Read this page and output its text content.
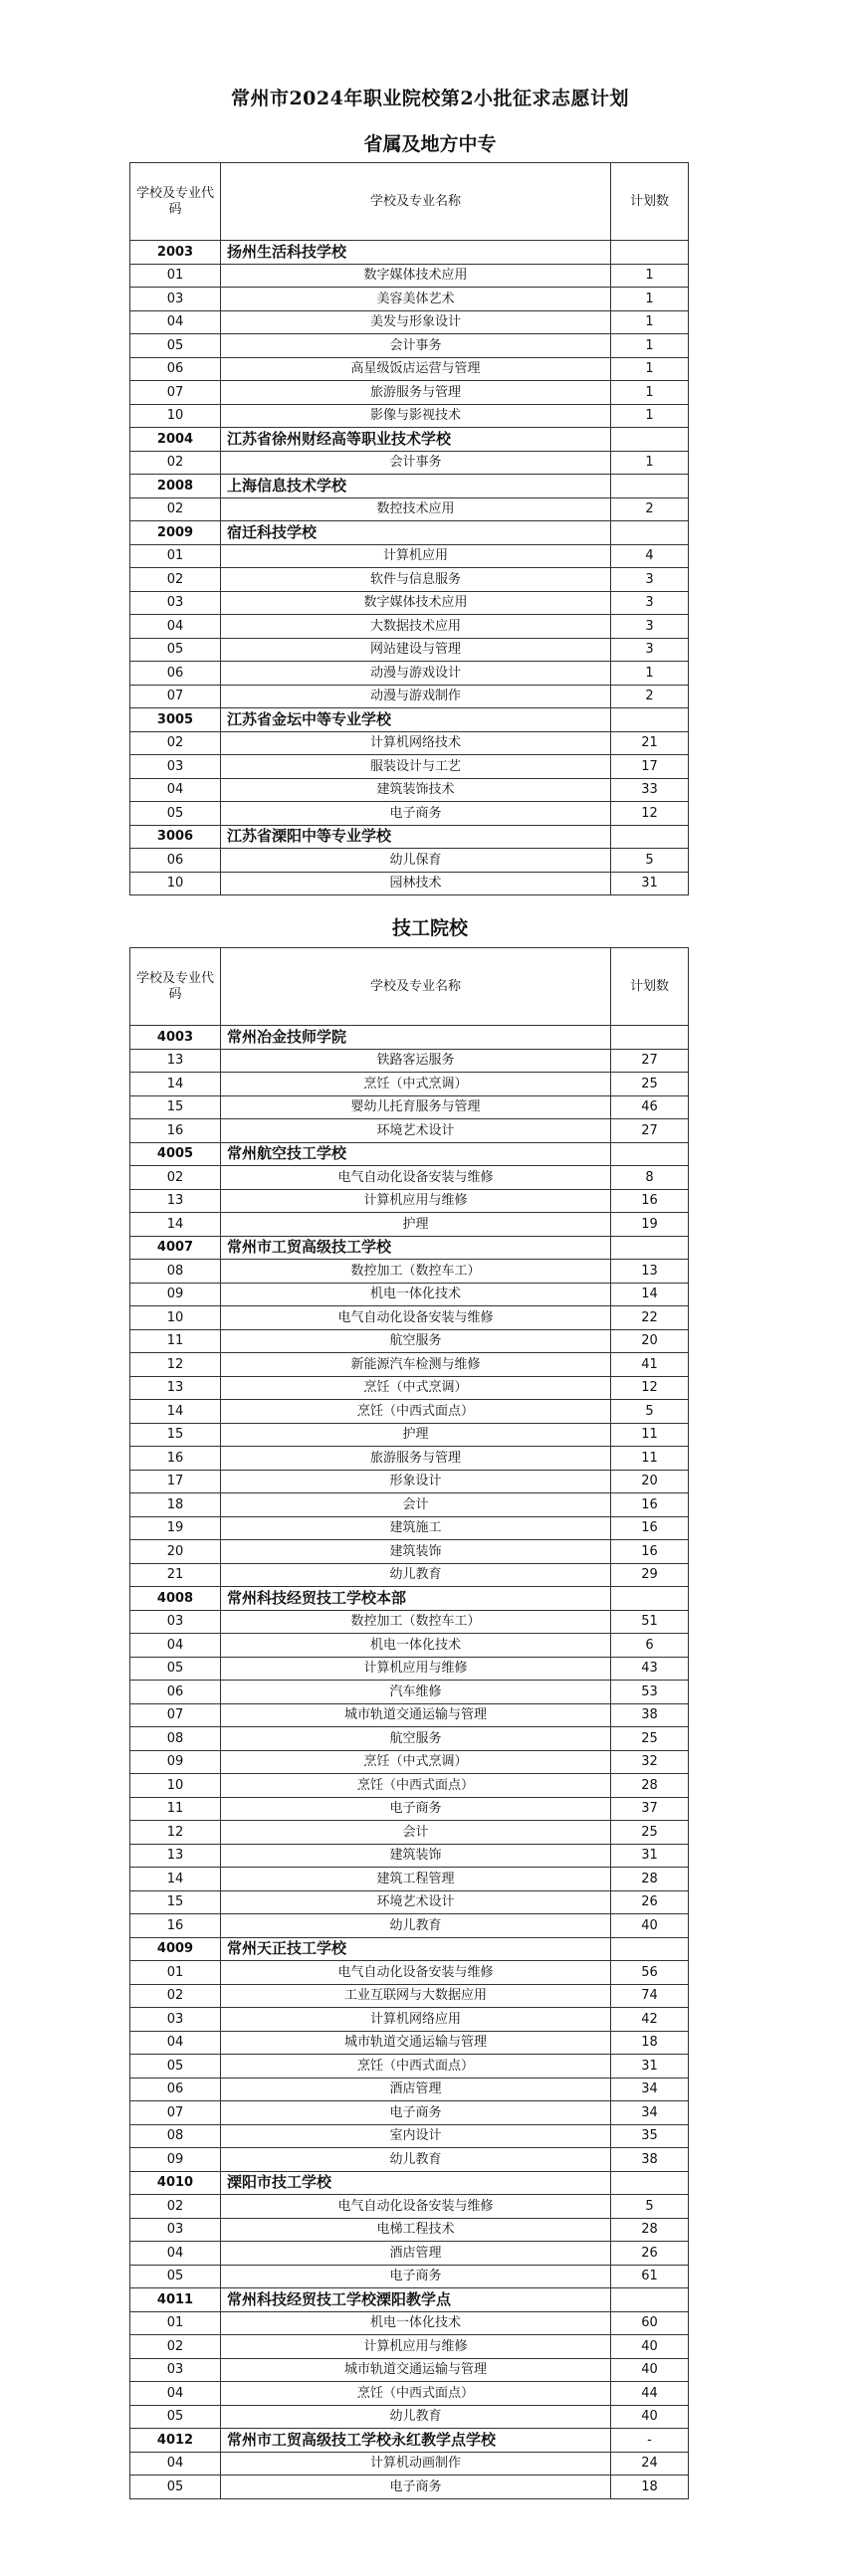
常州市2024年职业院校第2小批征求志愿计划
省属及地方中专
学校及专业代码	学校及专业名称	计划数
2003	扬州生活科技学校	
01	数字媒体技术应用	1
03	美容美体艺术	1
04	美发与形象设计	1
05	会计事务	1
06	高星级饭店运营与管理	1
07	旅游服务与管理	1
10	影像与影视技术	1
2004	江苏省徐州财经高等职业技术学校	
02	会计事务	1
2008	上海信息技术学校	
02	数控技术应用	2
2009	宿迁科技学校	
01	计算机应用	4
02	软件与信息服务	3
03	数字媒体技术应用	3
04	大数据技术应用	3
05	网站建设与管理	3
06	动漫与游戏设计	1
07	动漫与游戏制作	2
3005	江苏省金坛中等专业学校	
02	计算机网络技术	21
03	服装设计与工艺	17
04	建筑装饰技术	33
05	电子商务	12
3006	江苏省溧阳中等专业学校	
06	幼儿保育	5
10	园林技术	31
技工院校
学校及专业代码	学校及专业名称	计划数
4003	常州冶金技师学院	
13	铁路客运服务	27
14	烹饪（中式烹调）	25
15	婴幼儿托育服务与管理	46
16	环境艺术设计	27
4005	常州航空技工学校	
02	电气自动化设备安装与维修	8
13	计算机应用与维修	16
14	护理	19
4007	常州市工贸高级技工学校	
08	数控加工（数控车工）	13
09	机电一体化技术	14
10	电气自动化设备安装与维修	22
11	航空服务	20
12	新能源汽车检测与维修	41
13	烹饪（中式烹调）	12
14	烹饪（中西式面点）	5
15	护理	11
16	旅游服务与管理	11
17	形象设计	20
18	会计	16
19	建筑施工	16
20	建筑装饰	16
21	幼儿教育	29
4008	常州科技经贸技工学校本部	
03	数控加工（数控车工）	51
04	机电一体化技术	6
05	计算机应用与维修	43
06	汽车维修	53
07	城市轨道交通运输与管理	38
08	航空服务	25
09	烹饪（中式烹调）	32
10	烹饪（中西式面点）	28
11	电子商务	37
12	会计	25
13	建筑装饰	31
14	建筑工程管理	28
15	环境艺术设计	26
16	幼儿教育	40
4009	常州天正技工学校	
01	电气自动化设备安装与维修	56
02	工业互联网与大数据应用	74
03	计算机网络应用	42
04	城市轨道交通运输与管理	18
05	烹饪（中西式面点）	31
06	酒店管理	34
07	电子商务	34
08	室内设计	35
09	幼儿教育	38
4010	溧阳市技工学校	
02	电气自动化设备安装与维修	5
03	电梯工程技术	28
04	酒店管理	26
05	电子商务	61
4011	常州科技经贸技工学校溧阳教学点	
01	机电一体化技术	60
02	计算机应用与维修	40
03	城市轨道交通运输与管理	40
04	烹饪（中西式面点）	44
05	幼儿教育	40
4012	常州市工贸高级技工学校永红教学点学校	-
04	计算机动画制作	24
05	电子商务	18
